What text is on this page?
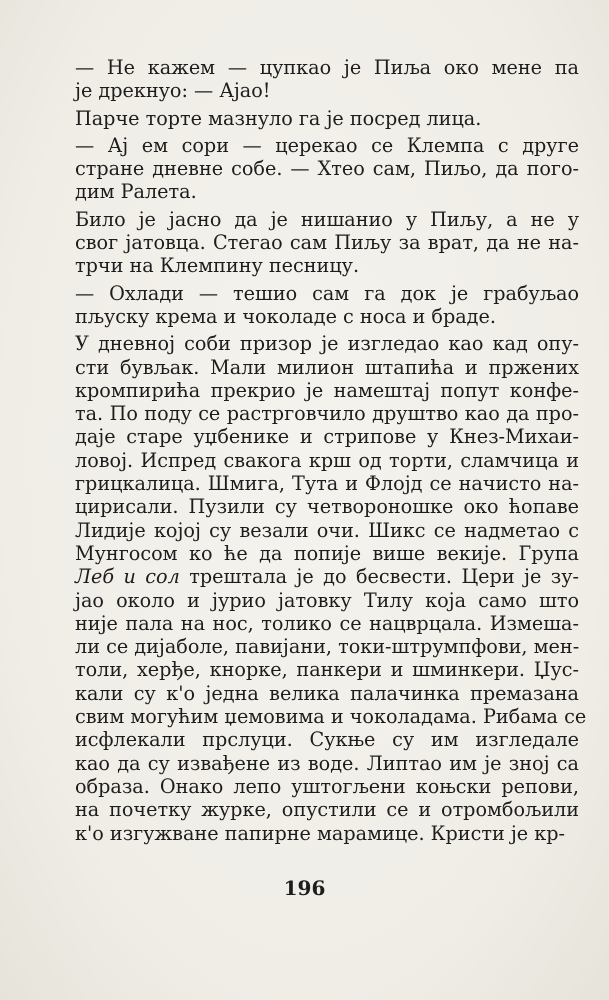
— Не кажем — цупкао је Пиља око мене па
је дрекнуо: — Ајао!

Парче торте мазнуло га је посред лица.

— Ај ем сори — церекао се Клемпа с друге
стране дневне собе. — Хтео сам, Пиљо, да пого-
дим Ралета.

Било је јасно да је нишанио у Пиљу, а не у
свог јатовца. Стегао сам Пиљу за врат, да не на-
трчи на Клемпину песницу.

— Охлади — тешио сам га док је грабуљао
пљуску крема и чоколаде с носа и браде.

У дневној соби призор је изгледао као кад опу-
сти бувљак. Мали милион штапића и пржених
кромпирића прекрио је намештај попут конфе-
та. По поду се растрговчило друштво као да про-
даје старе уџбенике и стрипове у Кнез-Михаи-
ловој. Испред свакога крш од торти, сламчица и
грицкалица. Шмига, Тута и Флојд се начисто на-
цирисали. Пузили су четвороношке око ћопаве
Лидије којој су везали очи. Шикс се надметао с
Мунгосом ко ће да попије више векије. Група
Леб и сол трештала је до бесвести. Цери је зу-
јао около и јурио јатовку Тилу која само што
није пала на нос, толико се нацврцала. Измеша-
ли се дијаболе, павијани, токи-штрумпфови, мен-
толи, херђе, кнорке, панкери и шминкери. Џус-
кали су к'о једна велика палачинка премазана
свим могућим џемовима и чоколадама. Рибама се
исфлекали прслуци. Сукње су им изгледале
као да су извађене из воде. Липтао им је зној са
образа. Онако лепо уштогљени коњски репови,
на почетку журке, опустили се и отромбољили
к'о изгужване папирне марамице. Кристи је кр-

196
